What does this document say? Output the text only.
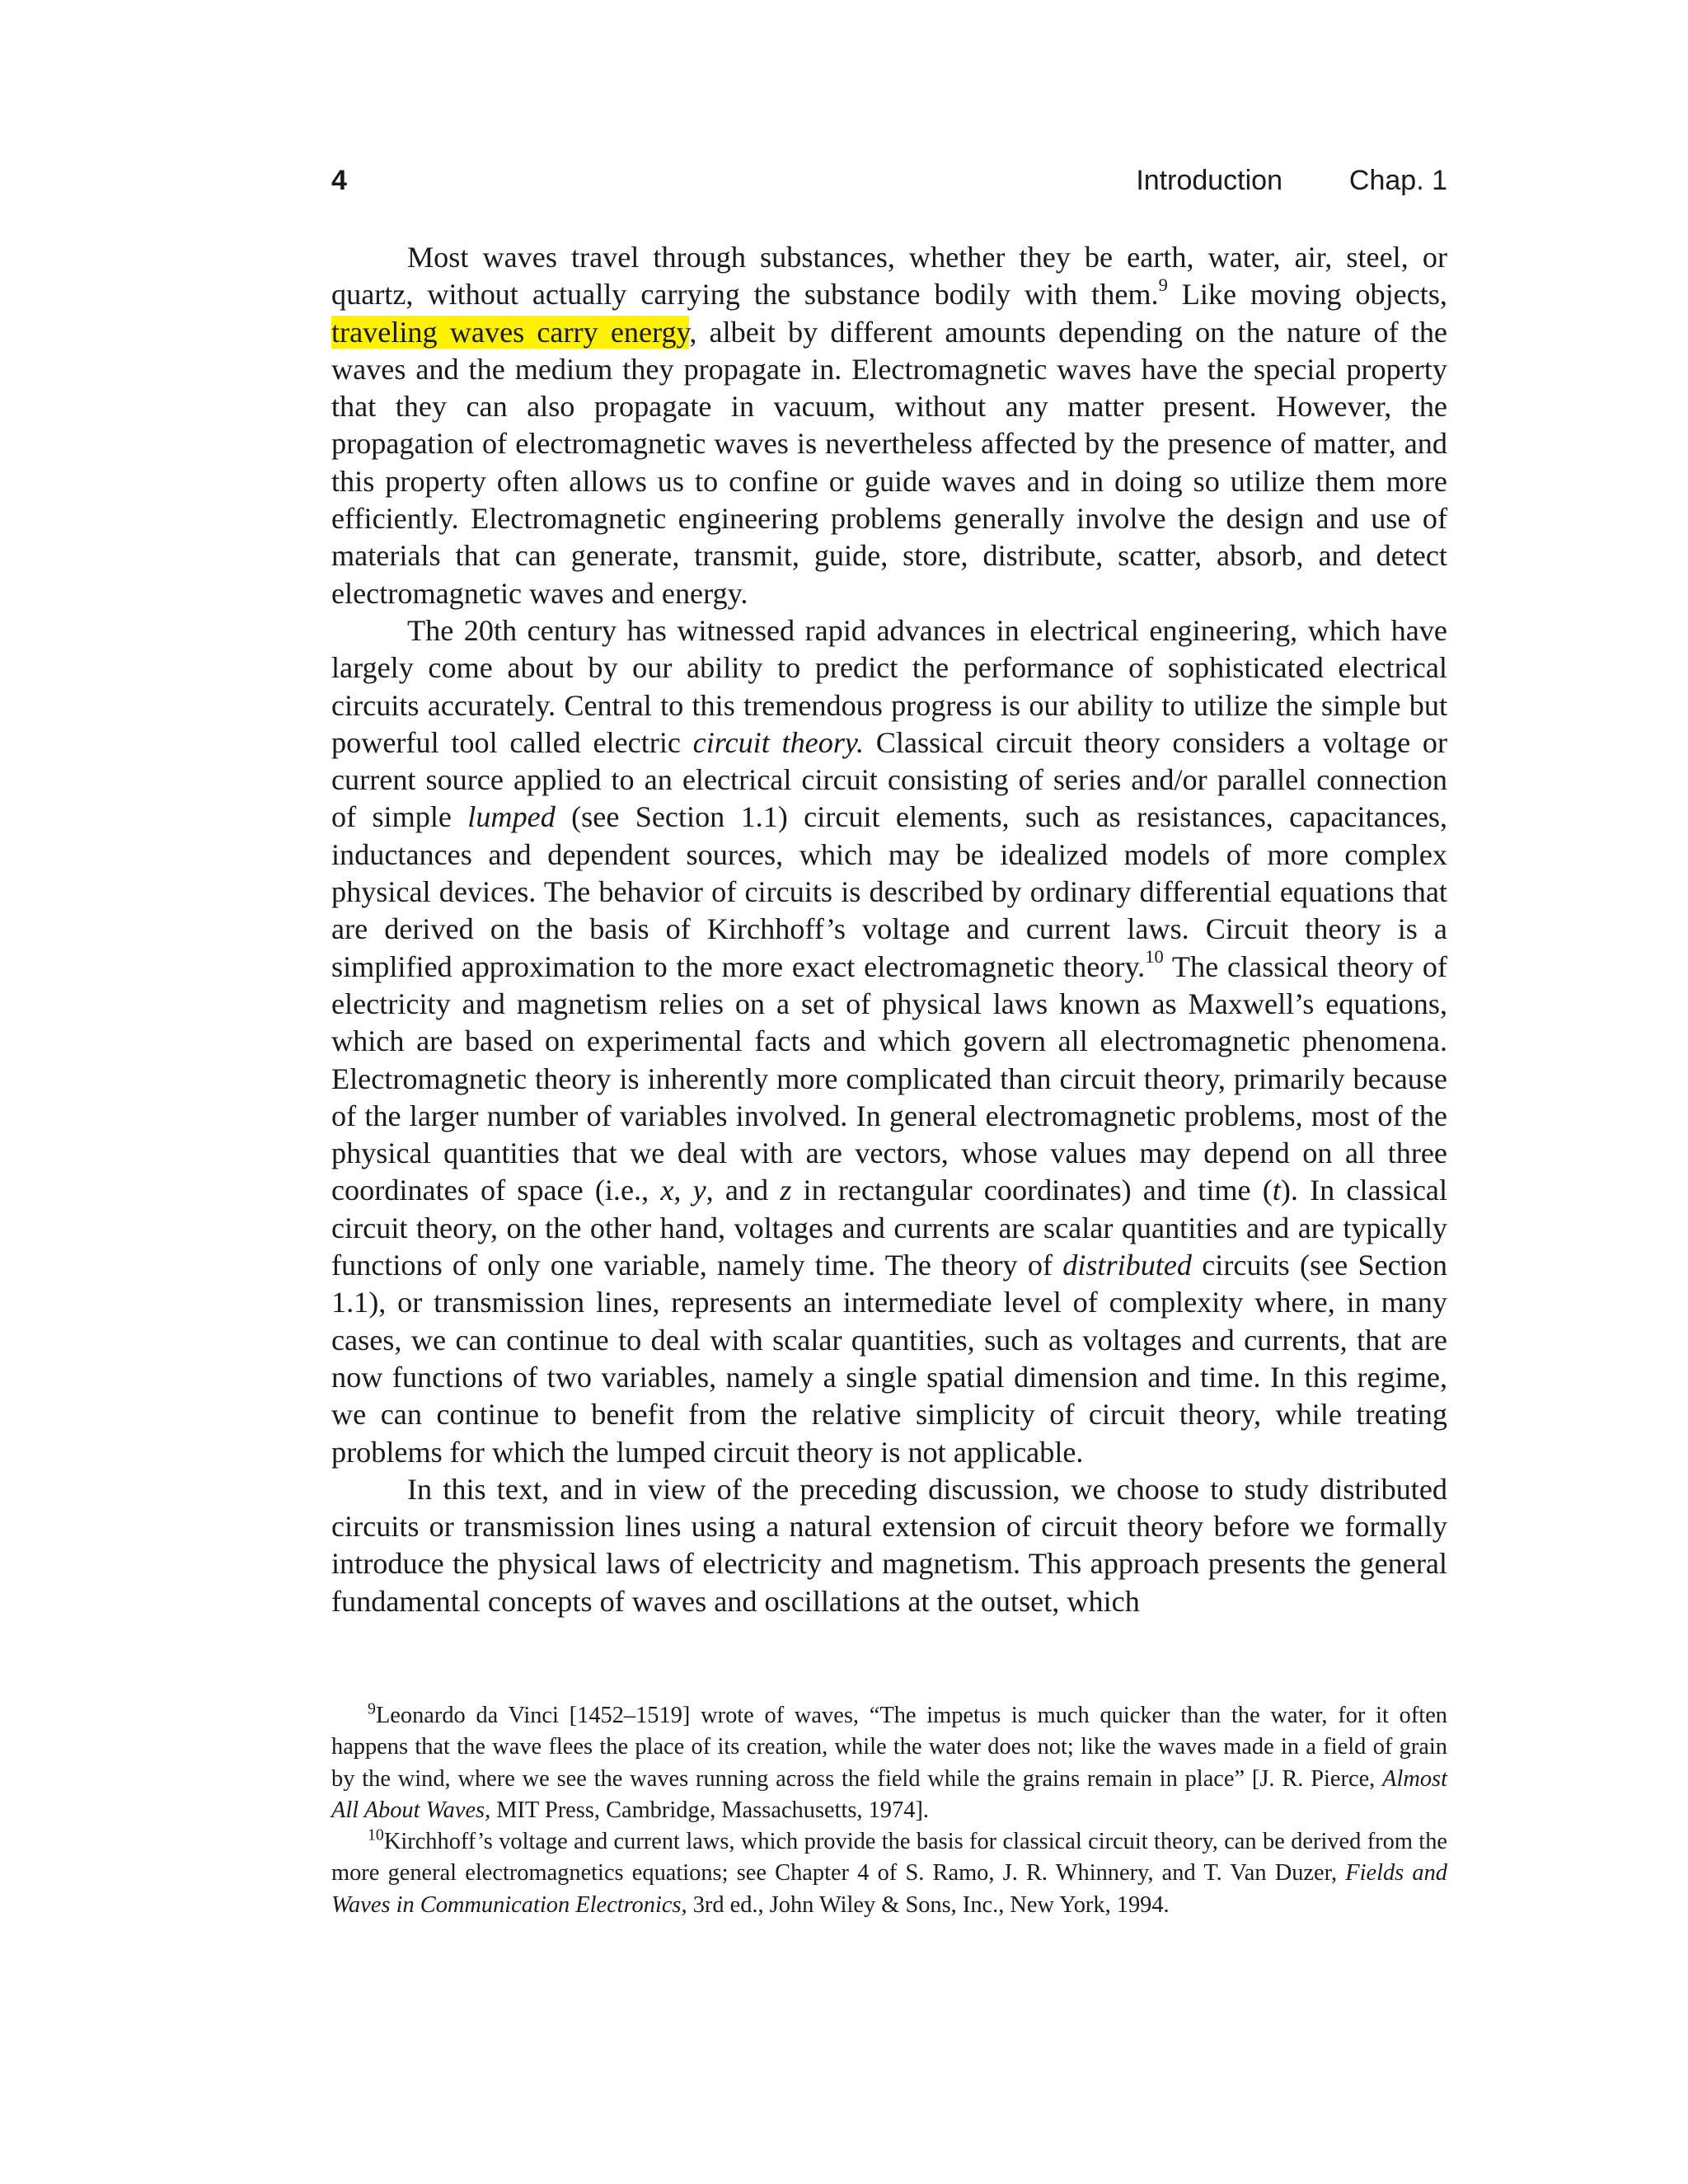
4	Introduction Chap. 1

Most waves travel through substances, whether they be earth, water, air, steel, or quartz, without actually carrying the substance bodily with them.$^9$ Like moving objects, traveling waves carry energy, albeit by different amounts depending on the nature of the waves and the medium they propagate in. Electromagnetic waves have the special property that they can also propagate in vacuum, without any matter present. However, the propagation of electromagnetic waves is nevertheless affected by the presence of matter, and this property often allows us to confine or guide waves and in doing so utilize them more efficiently. Electromagnetic engineering problems generally involve the design and use of materials that can generate, transmit, guide, store, distribute, scatter, absorb, and detect electromagnetic waves and energy.

The 20th century has witnessed rapid advances in electrical engineering, which have largely come about by our ability to predict the performance of sophisticated electrical circuits accurately. Central to this tremendous progress is our ability to utilize the simple but powerful tool called electric circuit theory. Classical circuit theory considers a voltage or current source applied to an electrical circuit consisting of series and/or parallel connection of simple lumped (see Section 1.1) circuit elements, such as resistances, capacitances, inductances and dependent sources, which may be idealized models of more complex physical devices. The behavior of circuits is described by ordinary differential equations that are derived on the basis of Kirchhoff’s voltage and current laws. Circuit theory is a simplified approximation to the more exact electromagnetic theory.$^{10}$ The classical theory of electricity and magnetism relies on a set of physical laws known as Maxwell’s equations, which are based on experimental facts and which govern all electromagnetic phenomena. Electromagnetic theory is inherently more complicated than circuit theory, primarily because of the larger number of variables involved. In general electromagnetic problems, most of the physical quantities that we deal with are vectors, whose values may depend on all three coordinates of space (i.e., x, y, and z in rectangular coordinates) and time (t). In classical circuit theory, on the other hand, voltages and currents are scalar quantities and are typically functions of only one variable, namely time. The theory of distributed circuits (see Section 1.1), or transmission lines, represents an intermediate level of complexity where, in many cases, we can continue to deal with scalar quantities, such as voltages and currents, that are now functions of two variables, namely a single spatial dimension and time. In this regime, we can continue to benefit from the relative simplicity of circuit theory, while treating problems for which the lumped circuit theory is not applicable.

In this text, and in view of the preceding discussion, we choose to study distributed circuits or transmission lines using a natural extension of circuit theory before we formally introduce the physical laws of electricity and magnetism. This approach presents the general fundamental concepts of waves and oscillations at the outset, which

$^9$Leonardo da Vinci [1452–1519] wrote of waves, “The impetus is much quicker than the water, for it often happens that the wave flees the place of its creation, while the water does not; like the waves made in a field of grain by the wind, where we see the waves running across the field while the grains remain in place” [J. R. Pierce, Almost All About Waves, MIT Press, Cambridge, Massachusetts, 1974].

$^{10}$Kirchhoff’s voltage and current laws, which provide the basis for classical circuit theory, can be derived from the more general electromagnetics equations; see Chapter 4 of S. Ramo, J. R. Whinnery, and T. Van Duzer, Fields and Waves in Communication Electronics, 3rd ed., John Wiley & Sons, Inc., New York, 1994.
